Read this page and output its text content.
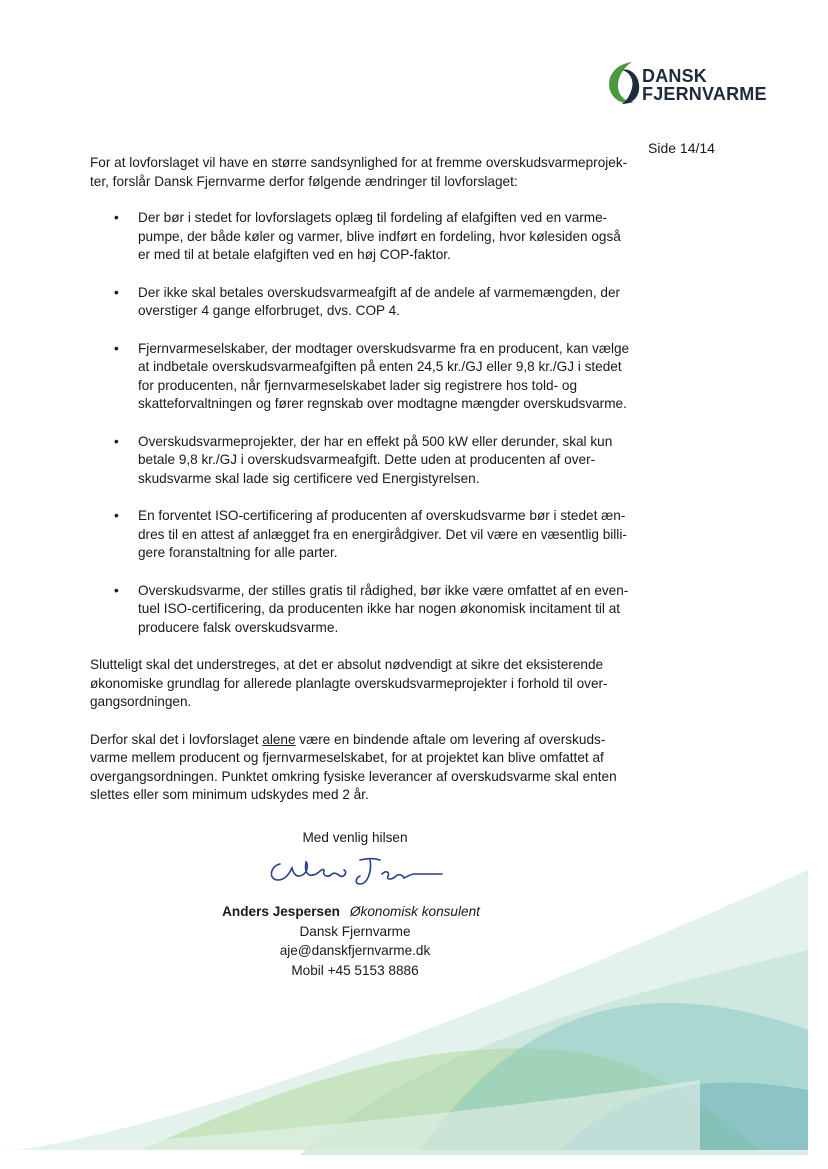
DANSK
FJERNVARME
Side 14/14

For at lovforslaget vil have en større sandsynlighed for at fremme overskudsvarmeprojek-ter, forslår Dansk Fjernvarme derfor følgende ændringer til lovforslaget:

• Der bør i stedet for lovforslagets oplæg til fordeling af elafgiften ved en varme-pumpe, der både køler og varmer, blive indført en fordeling, hvor kølesiden også er med til at betale elafgiften ved en høj COP-faktor.
• Der ikke skal betales overskudsvarmeafgift af de andele af varmemængden, der overstiger 4 gange elforbruget, dvs. COP 4.
• Fjernvarmeselskaber, der modtager overskudsvarme fra en producent, kan vælge at indbetale overskudsvarmeafgiften på enten 24,5 kr./GJ eller 9,8 kr./GJ i stedet for producenten, når fjernvarmeselskabet lader sig registrere hos told- og skatteforvaltningen og fører regnskab over modtagne mængder overskudsvarme.
• Overskudsvarmeprojekter, der har en effekt på 500 kW eller derunder, skal kun betale 9,8 kr./GJ i overskudsvarmeafgift. Dette uden at producenten af over-skudsvarme skal lade sig certificere ved Energistyrelsen.
• En forventet ISO-certificering af producenten af overskudsvarme bør i stedet æn-dres til en attest af anlægget fra en energirådgiver. Det vil være en væsentlig billi-gere foranstaltning for alle parter.
• Overskudsvarme, der stilles gratis til rådighed, bør ikke være omfattet af en even-tuel ISO-certificering, da producenten ikke har nogen økonomisk incitament til at producere falsk overskudsvarme.

Slutteligt skal det understreges, at det er absolut nødvendigt at sikre det eksisterende økonomiske grundlag for allerede planlagte overskudsvarmeprojekter i forhold til over-gangsordningen.

Derfor skal det i lovforslaget alene være en bindende aftale om levering af overskuds-varme mellem producent og fjernvarmeselskabet, for at projektet kan blive omfattet af overgangsordningen. Punktet omkring fysiske leverancer af overskudsvarme skal enten slettes eller som minimum udskydes med 2 år.

Med venlig hilsen
Anders Jespersen Økonomisk konsulent
Dansk Fjernvarme
aje@danskfjernvarme.dk
Mobil +45 5153 8886
